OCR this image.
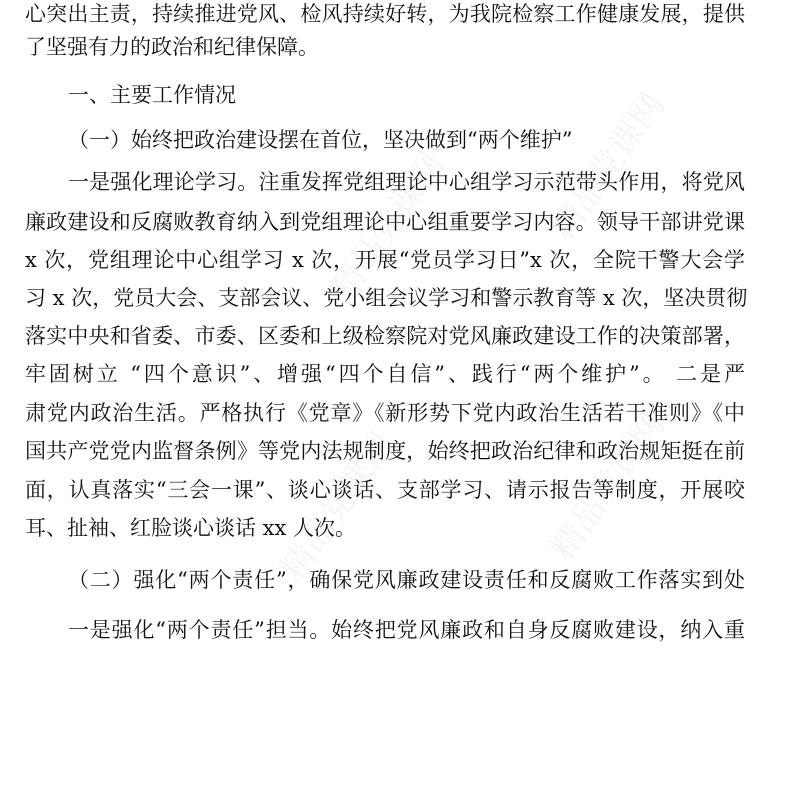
精品党课网	精品党课网
精品党课网	精品党课网
心突出主责，持续推进党风、检风持续好转，为我院检察工作健康发展，提供
了坚强有力的政治和纪律保障。
一、主要工作情况
（一）始终把政治建设摆在首位，坚决做到“两个维护”
一是强化理论学习。注重发挥党组理论中心组学习示范带头作用，将党风
廉政建设和反腐败教育纳入到党组理论中心组重要学习内容。领导干部讲党课
x 次，党组理论中心组学习 x 次，开展“党员学习日”x 次，全院干警大会学
习 x 次，党员大会、支部会议、党小组会议学习和警示教育等 x 次，坚决贯彻
落实中央和省委、市委、区委和上级检察院对党风廉政建设工作的决策部署，
牢固树立 “四个意识”、增强“四个自信”、践行“两个维护”。 二是严
肃党内政治生活。严格执行《党章》《新形势下党内政治生活若干准则》《中
国共产党党内监督条例》等党内法规制度，始终把政治纪律和政治规矩挺在前
面，认真落实“三会一课”、谈心谈话、支部学习、请示报告等制度，开展咬
耳、扯袖、红脸谈心谈话 xx 人次。
（二）强化“两个责任”，确保党风廉政建设责任和反腐败工作落实到处
一是强化“两个责任”担当。始终把党风廉政和自身反腐败建设，纳入重
